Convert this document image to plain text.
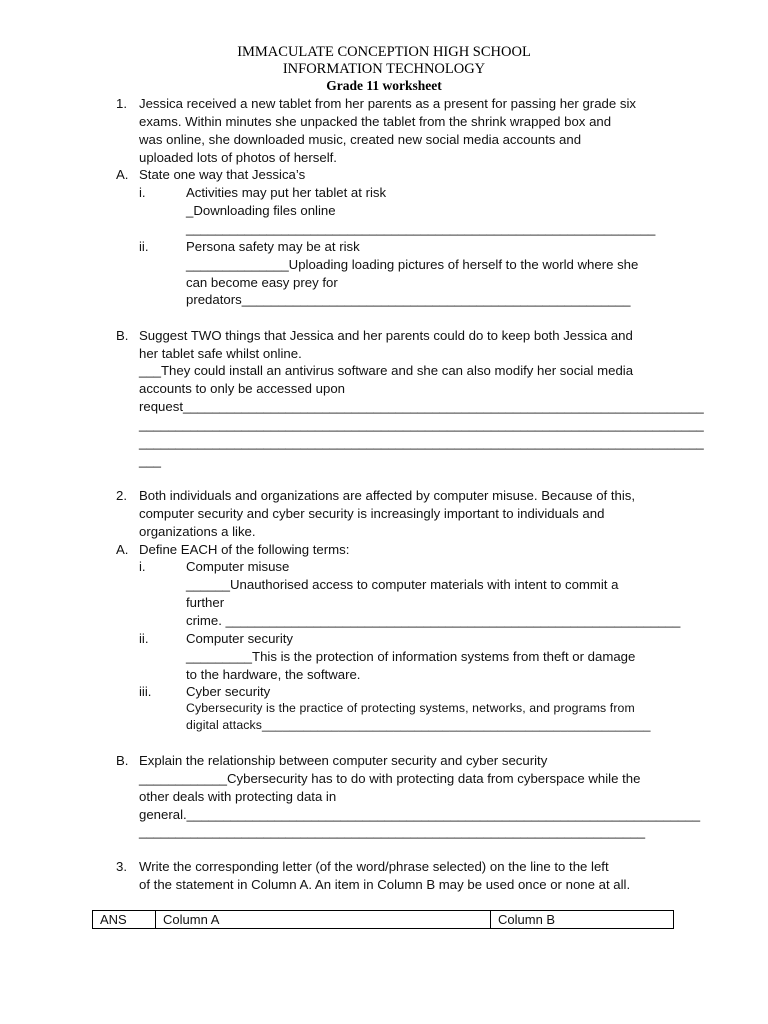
IMMACULATE CONCEPTION HIGH SCHOOL
INFORMATION TECHNOLOGY
Grade 11 worksheet
1. Jessica received a new tablet from her parents as a present for passing her grade six
exams. Within minutes she unpacked the tablet from the shrink wrapped box and
was online, she downloaded music, created new social media accounts and
uploaded lots of photos of herself.
A. State one way that Jessica’s
i.	Activities may put her tablet at risk
_Downloading files online
________________________________________________________________
ii.	Persona safety may be at risk
______________Uploading loading pictures of herself to the world where she
can become easy prey for
predators_____________________________________________________
B. Suggest TWO things that Jessica and her parents could do to keep both Jessica and
her tablet safe whilst online.
___They could install an antivirus software and she can also modify her social media
accounts to only be accessed upon
request_______________________________________________________________________
_____________________________________________________________________________
_____________________________________________________________________________
___
2. Both individuals and organizations are affected by computer misuse. Because of this,
computer security and cyber security is increasingly important to individuals and
organizations a like.
A. Define EACH of the following terms:
i.	Computer misuse
______Unauthorised access to computer materials with intent to commit a
further
crime. ______________________________________________________________
ii.	Computer security
_________This is the protection of information systems from theft or damage
to the hardware, the software.
iii.	Cyber security
Cybersecurity is the practice of protecting systems, networks, and programs from
digital attacks________________________________________________________
B. Explain the relationship between computer security and cyber security
____________Cybersecurity has to do with protecting data from cyberspace while the
other deals with protecting data in
general.______________________________________________________________________
_____________________________________________________________________
3. Write the corresponding letter (of the word/phrase selected) on the line to the left
of the statement in Column A. An item in Column B may be used once or none at all.
ANS	Column A	Column B
